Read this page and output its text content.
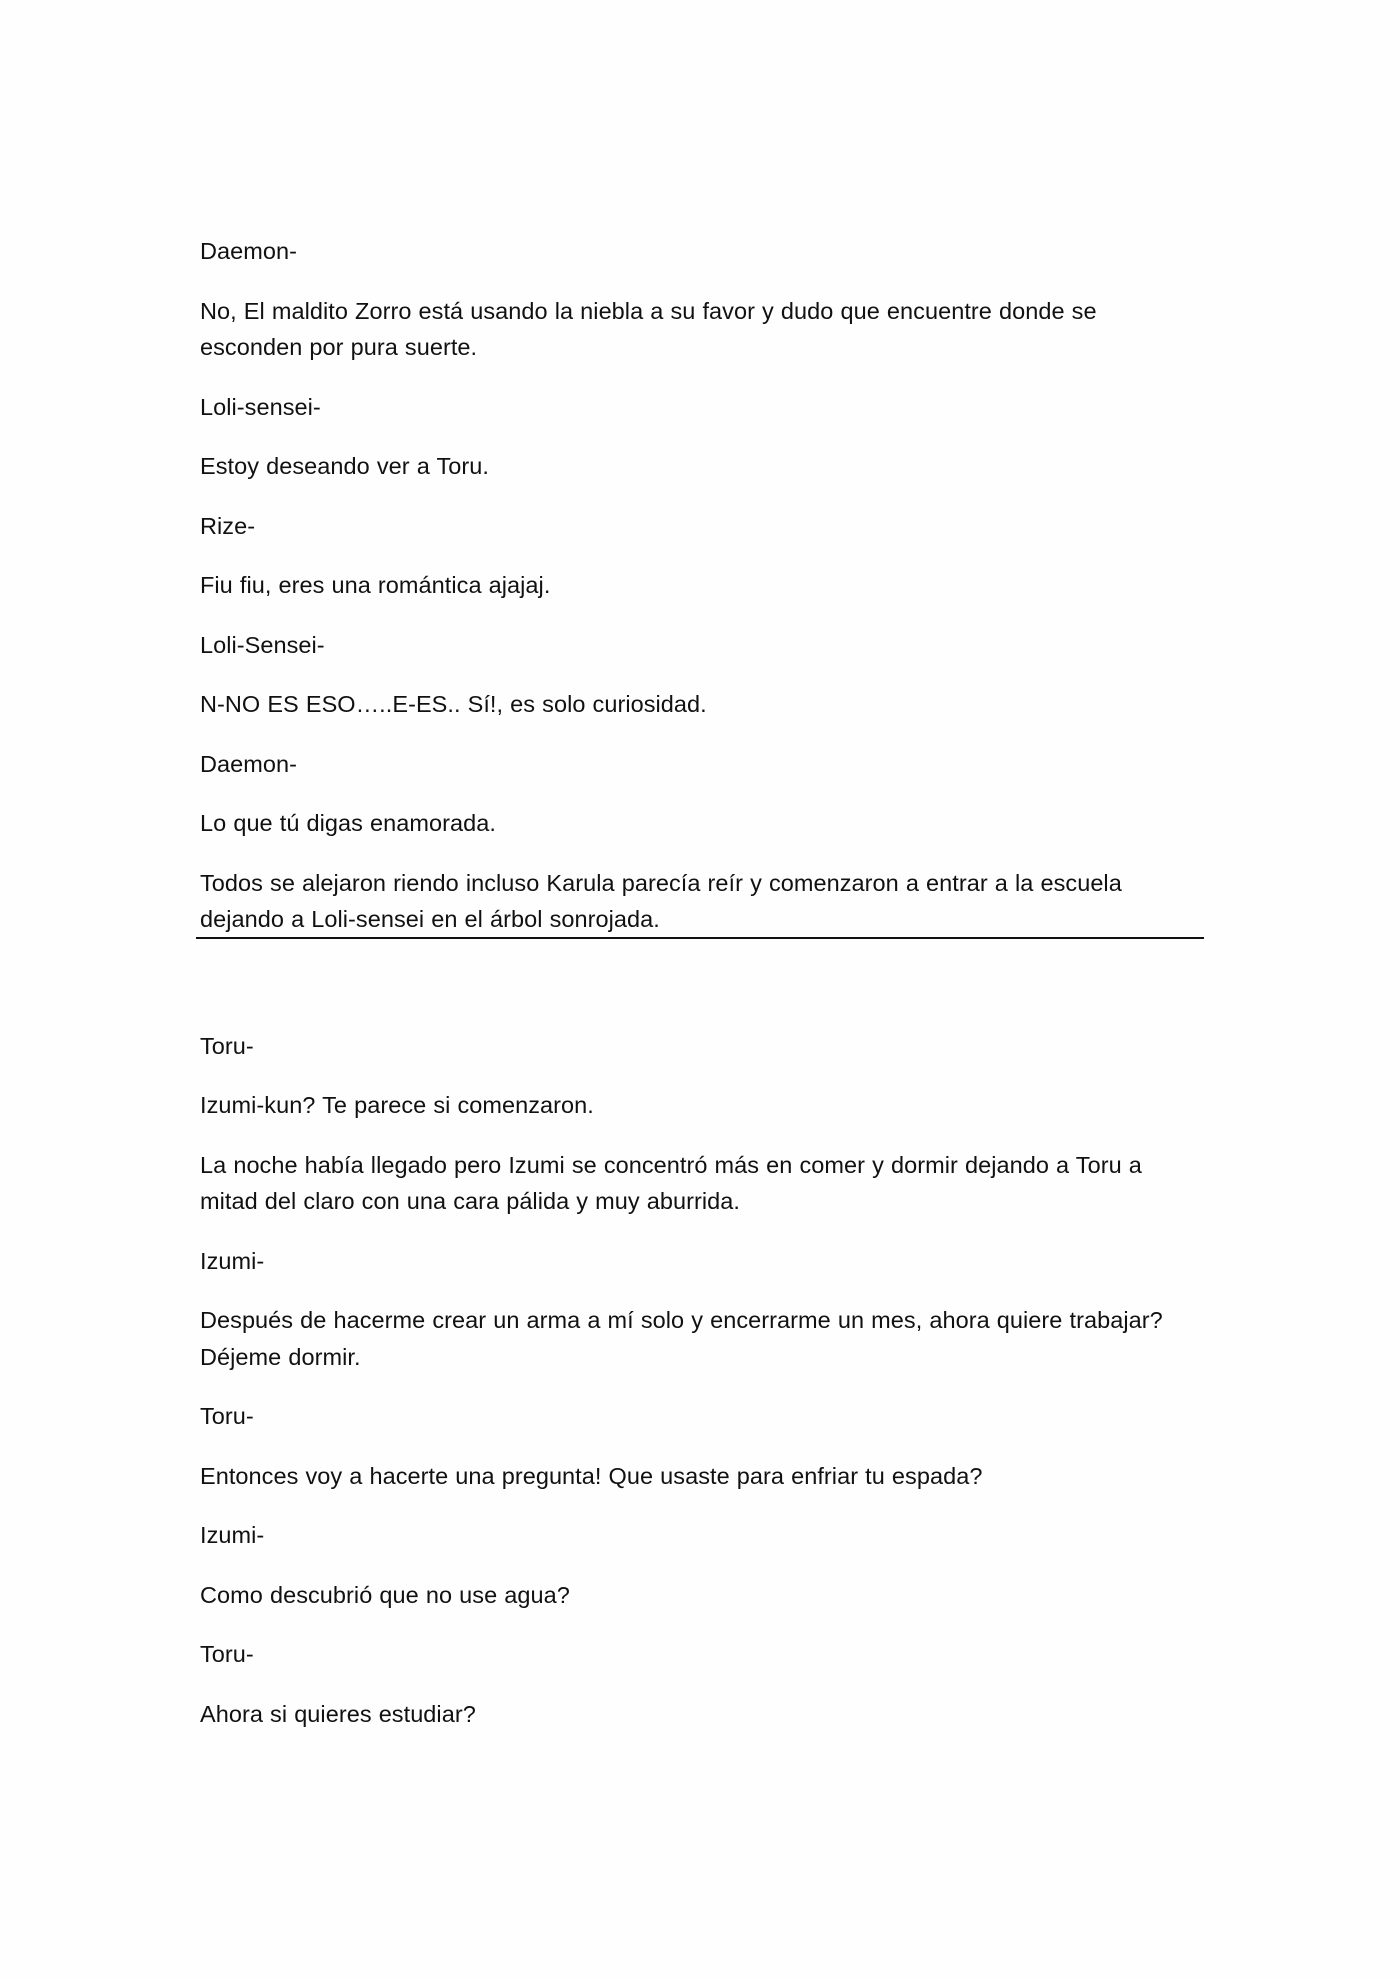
Daemon-

No, El maldito Zorro está usando la niebla a su favor y dudo que encuentre donde se esconden por pura suerte.

Loli-sensei-

Estoy deseando ver a Toru.

Rize-

Fiu fiu, eres una romántica ajajaj.

Loli-Sensei-

N-NO ES ESO…..E-ES.. Sí!, es solo curiosidad.

Daemon-

Lo que tú digas enamorada.

Todos se alejaron riendo incluso Karula parecía reír y comenzaron a entrar a la escuela dejando a Loli-sensei en el árbol sonrojada.

Toru-

Izumi-kun? Te parece si comenzaron.

La noche había llegado pero Izumi se concentró más en comer y dormir dejando a Toru a mitad del claro con una cara pálida y muy aburrida.

Izumi-

Después de hacerme crear un arma a mí solo y encerrarme un mes, ahora quiere trabajar? Déjeme dormir.

Toru-

Entonces voy a hacerte una pregunta! Que usaste para enfriar tu espada?

Izumi-

Como descubrió que no use agua?

Toru-

Ahora si quieres estudiar?
